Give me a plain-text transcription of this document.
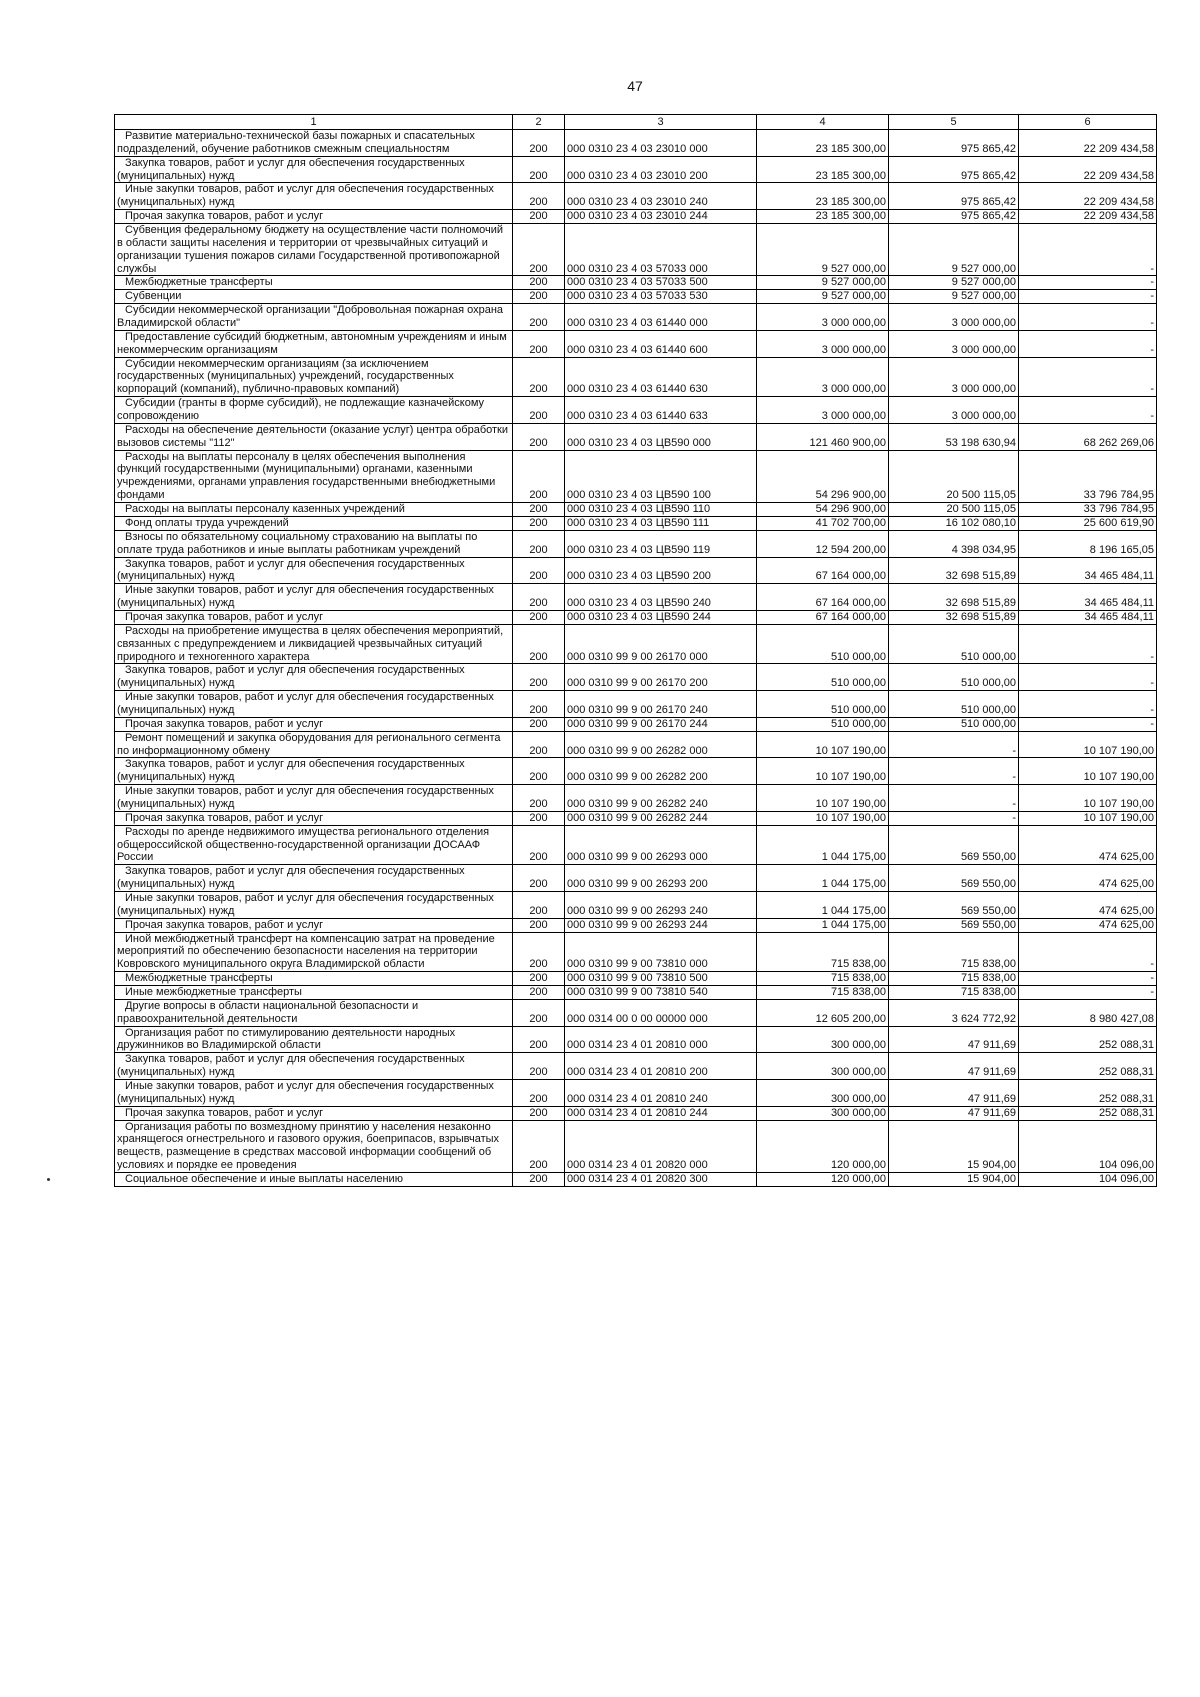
47
1	2	3	4	5	6

Развитие материально-технической базы пожарных и спасательных подразделений, обучение работников смежным специальностям	200	000 0310 23 4 03 23010 000	23 185 300,00	975 865,42	22 209 434,58

Закупка товаров, работ и услуг для обеспечения государственных (муниципальных) нужд	200	000 0310 23 4 03 23010 200	23 185 300,00	975 865,42	22 209 434,58

Иные закупки товаров, работ и услуг для обеспечения государственных (муниципальных) нужд	200	000 0310 23 4 03 23010 240	23 185 300,00	975 865,42	22 209 434,58

Прочая закупка товаров, работ и услуг	200	000 0310 23 4 03 23010 244	23 185 300,00	975 865,42	22 209 434,58

Субвенция федеральному бюджету на осуществление части полномочий в области защиты населения и территории от чрезвычайных ситуаций и организации тушения пожаров силами Государственной противопожарной службы	200	000 0310 23 4 03 57033 000	9 527 000,00	9 527 000,00	-

Межбюджетные трансферты	200	000 0310 23 4 03 57033 500	9 527 000,00	9 527 000,00	-

Субвенции	200	000 0310 23 4 03 57033 530	9 527 000,00	9 527 000,00	-

Субсидии некоммерческой организации "Добровольная пожарная охрана Владимирской области"	200	000 0310 23 4 03 61440 000	3 000 000,00	3 000 000,00	-

Предоставление субсидий бюджетным, автономным учреждениям и иным некоммерческим организациям	200	000 0310 23 4 03 61440 600	3 000 000,00	3 000 000,00	-

Субсидии некоммерческим организациям (за исключением государственных (муниципальных) учреждений, государственных корпораций (компаний), публично-правовых компаний)	200	000 0310 23 4 03 61440 630	3 000 000,00	3 000 000,00	-

Субсидии (гранты в форме субсидий), не подлежащие казначейскому сопровождению	200	000 0310 23 4 03 61440 633	3 000 000,00	3 000 000,00	-

Расходы на обеспечение деятельности (оказание услуг) центра обработки вызовов системы "112"	200	000 0310 23 4 03 ЦВ590 000	121 460 900,00	53 198 630,94	68 262 269,06

Расходы на выплаты персоналу в целях обеспечения выполнения функций государственными (муниципальными) органами, казенными учреждениями, органами управления государственными внебюджетными фондами	200	000 0310 23 4 03 ЦВ590 100	54 296 900,00	20 500 115,05	33 796 784,95

Расходы на выплаты персоналу казенных учреждений	200	000 0310 23 4 03 ЦВ590 110	54 296 900,00	20 500 115,05	33 796 784,95

Фонд оплаты труда учреждений	200	000 0310 23 4 03 ЦВ590 111	41 702 700,00	16 102 080,10	25 600 619,90

Взносы по обязательному социальному страхованию на выплаты по оплате труда работников и иные выплаты работникам учреждений	200	000 0310 23 4 03 ЦВ590 119	12 594 200,00	4 398 034,95	8 196 165,05

Закупка товаров, работ и услуг для обеспечения государственных (муниципальных) нужд	200	000 0310 23 4 03 ЦВ590 200	67 164 000,00	32 698 515,89	34 465 484,11

Иные закупки товаров, работ и услуг для обеспечения государственных (муниципальных) нужд	200	000 0310 23 4 03 ЦВ590 240	67 164 000,00	32 698 515,89	34 465 484,11

Прочая закупка товаров, работ и услуг	200	000 0310 23 4 03 ЦВ590 244	67 164 000,00	32 698 515,89	34 465 484,11

Расходы на приобретение имущества в целях обеспечения мероприятий, связанных с предупреждением и ликвидацией чрезвычайных ситуаций природного и техногенного характера	200	000 0310 99 9 00 26170 000	510 000,00	510 000,00	-

Закупка товаров, работ и услуг для обеспечения государственных (муниципальных) нужд	200	000 0310 99 9 00 26170 200	510 000,00	510 000,00	-

Иные закупки товаров, работ и услуг для обеспечения государственных (муниципальных) нужд	200	000 0310 99 9 00 26170 240	510 000,00	510 000,00	-

Прочая закупка товаров, работ и услуг	200	000 0310 99 9 00 26170 244	510 000,00	510 000,00	-

Ремонт помещений и закупка оборудования для регионального сегмента по информационному обмену	200	000 0310 99 9 00 26282 000	10 107 190,00	-	10 107 190,00

Закупка товаров, работ и услуг для обеспечения государственных (муниципальных) нужд	200	000 0310 99 9 00 26282 200	10 107 190,00	-	10 107 190,00

Иные закупки товаров, работ и услуг для обеспечения государственных (муниципальных) нужд	200	000 0310 99 9 00 26282 240	10 107 190,00	-	10 107 190,00

Прочая закупка товаров, работ и услуг	200	000 0310 99 9 00 26282 244	10 107 190,00	-	10 107 190,00

Расходы по аренде недвижимого имущества регионального отделения общероссийской общественно-государственной организации ДОСААФ России	200	000 0310 99 9 00 26293 000	1 044 175,00	569 550,00	474 625,00

Закупка товаров, работ и услуг для обеспечения государственных (муниципальных) нужд	200	000 0310 99 9 00 26293 200	1 044 175,00	569 550,00	474 625,00

Иные закупки товаров, работ и услуг для обеспечения государственных (муниципальных) нужд	200	000 0310 99 9 00 26293 240	1 044 175,00	569 550,00	474 625,00

Прочая закупка товаров, работ и услуг	200	000 0310 99 9 00 26293 244	1 044 175,00	569 550,00	474 625,00

Иной межбюджетный трансферт на компенсацию затрат на проведение мероприятий по обеспечению безопасности населения на территории Ковровского муниципального округа Владимирской области	200	000 0310 99 9 00 73810 000	715 838,00	715 838,00	-

Межбюджетные трансферты	200	000 0310 99 9 00 73810 500	715 838,00	715 838,00	-

Иные межбюджетные трансферты	200	000 0310 99 9 00 73810 540	715 838,00	715 838,00	-

Другие вопросы в области национальной безопасности и правоохранительной деятельности	200	000 0314 00 0 00 00000 000	12 605 200,00	3 624 772,92	8 980 427,08

Организация работ по стимулированию деятельности народных дружинников во Владимирской области	200	000 0314 23 4 01 20810 000	300 000,00	47 911,69	252 088,31

Закупка товаров, работ и услуг для обеспечения государственных (муниципальных) нужд	200	000 0314 23 4 01 20810 200	300 000,00	47 911,69	252 088,31

Иные закупки товаров, работ и услуг для обеспечения государственных (муниципальных) нужд	200	000 0314 23 4 01 20810 240	300 000,00	47 911,69	252 088,31

Прочая закупка товаров, работ и услуг	200	000 0314 23 4 01 20810 244	300 000,00	47 911,69	252 088,31

Организация работы по возмездному принятию у населения незаконно хранящегося огнестрельного и газового оружия, боеприпасов, взрывчатых веществ, размещение в средствах массовой информации сообщений об условиях и порядке ее проведения	200	000 0314 23 4 01 20820 000	120 000,00	15 904,00	104 096,00

Социальное обеспечение и иные выплаты населению	200	000 0314 23 4 01 20820 300	120 000,00	15 904,00	104 096,00
